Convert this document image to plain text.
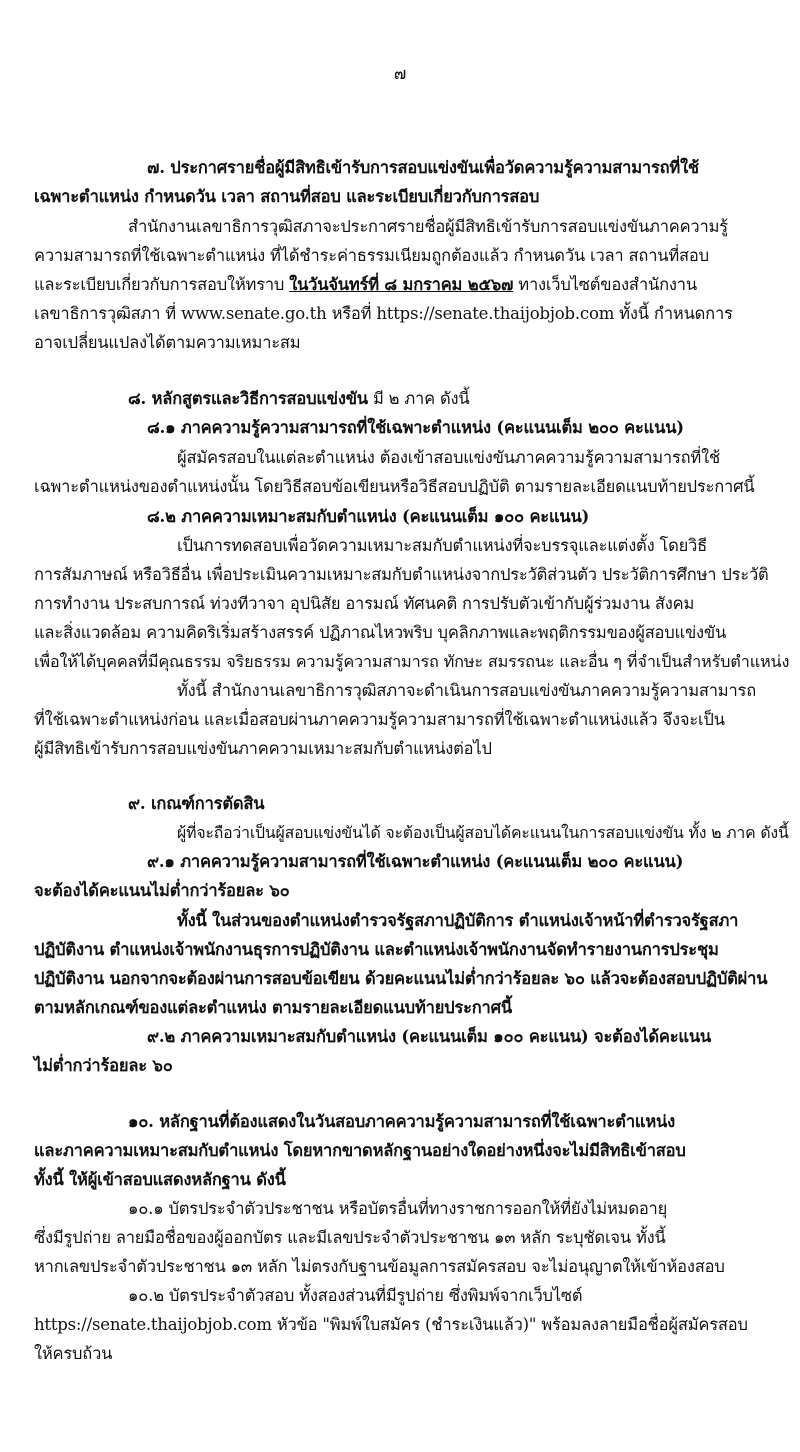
๗
๗. ประกาศรายชื่อผู้มีสิทธิเข้ารับการสอบแข่งขันเพื่อวัดความรู้ความสามารถที่ใช้
เฉพาะตำแหน่ง กำหนดวัน เวลา สถานที่สอบ และระเบียบเกี่ยวกับการสอบ
สำนักงานเลขาธิการวุฒิสภาจะประกาศรายชื่อผู้มีสิทธิเข้ารับการสอบแข่งขันภาคความรู้
ความสามารถที่ใช้เฉพาะตำแหน่ง ที่ได้ชำระค่าธรรมเนียมถูกต้องแล้ว กำหนดวัน เวลา สถานที่สอบ
และระเบียบเกี่ยวกับการสอบให้ทราบ ในวันจันทร์ที่ ๘ มกราคม ๒๕๖๗ ทางเว็บไซต์ของสำนักงาน
เลขาธิการวุฒิสภา ที่ www.senate.go.th หรือที่ https://senate.thaijobjob.com ทั้งนี้ กำหนดการ
อาจเปลี่ยนแปลงได้ตามความเหมาะสม
๘. หลักสูตรและวิธีการสอบแข่งขัน มี ๒ ภาค ดังนี้
๘.๑ ภาคความรู้ความสามารถที่ใช้เฉพาะตำแหน่ง (คะแนนเต็ม ๒๐๐ คะแนน)
ผู้สมัครสอบในแต่ละตำแหน่ง ต้องเข้าสอบแข่งขันภาคความรู้ความสามารถที่ใช้
เฉพาะตำแหน่งของตำแหน่งนั้น โดยวิธีสอบข้อเขียนหรือวิธีสอบปฏิบัติ ตามรายละเอียดแนบท้ายประกาศนี้
๘.๒ ภาคความเหมาะสมกับตำแหน่ง (คะแนนเต็ม ๑๐๐ คะแนน)
เป็นการทดสอบเพื่อวัดความเหมาะสมกับตำแหน่งที่จะบรรจุและแต่งตั้ง โดยวิธี
การสัมภาษณ์ หรือวิธีอื่น เพื่อประเมินความเหมาะสมกับตำแหน่งจากประวัติส่วนตัว ประวัติการศึกษา ประวัติ
การทำงาน ประสบการณ์ ท่วงทีวาจา อุปนิสัย อารมณ์ ทัศนคติ การปรับตัวเข้ากับผู้ร่วมงาน สังคม
และสิ่งแวดล้อม ความคิดริเริ่มสร้างสรรค์ ปฏิภาณไหวพริบ บุคลิกภาพและพฤติกรรมของผู้สอบแข่งขัน
เพื่อให้ได้บุคคลที่มีคุณธรรม จริยธรรม ความรู้ความสามารถ ทักษะ สมรรถนะ และอื่น ๆ ที่จำเป็นสำหรับตำแหน่ง
ทั้งนี้ สำนักงานเลขาธิการวุฒิสภาจะดำเนินการสอบแข่งขันภาคความรู้ความสามารถ
ที่ใช้เฉพาะตำแหน่งก่อน และเมื่อสอบผ่านภาคความรู้ความสามารถที่ใช้เฉพาะตำแหน่งแล้ว จึงจะเป็น
ผู้มีสิทธิเข้ารับการสอบแข่งขันภาคความเหมาะสมกับตำแหน่งต่อไป
๙. เกณฑ์การตัดสิน
ผู้ที่จะถือว่าเป็นผู้สอบแข่งขันได้ จะต้องเป็นผู้สอบได้คะแนนในการสอบแข่งขัน ทั้ง ๒ ภาค ดังนี้
๙.๑ ภาคความรู้ความสามารถที่ใช้เฉพาะตำแหน่ง (คะแนนเต็ม ๒๐๐ คะแนน)
จะต้องได้คะแนนไม่ต่ำกว่าร้อยละ ๖๐
ทั้งนี้ ในส่วนของตำแหน่งตำรวจรัฐสภาปฏิบัติการ ตำแหน่งเจ้าหน้าที่ตำรวจรัฐสภา
ปฏิบัติงาน ตำแหน่งเจ้าพนักงานธุรการปฏิบัติงาน และตำแหน่งเจ้าพนักงานจัดทำรายงานการประชุม
ปฏิบัติงาน นอกจากจะต้องผ่านการสอบข้อเขียน ด้วยคะแนนไม่ต่ำกว่าร้อยละ ๖๐ แล้วจะต้องสอบปฏิบัติผ่าน
ตามหลักเกณฑ์ของแต่ละตำแหน่ง ตามรายละเอียดแนบท้ายประกาศนี้
๙.๒ ภาคความเหมาะสมกับตำแหน่ง (คะแนนเต็ม ๑๐๐ คะแนน) จะต้องได้คะแนน
ไม่ต่ำกว่าร้อยละ ๖๐
๑๐. หลักฐานที่ต้องแสดงในวันสอบภาคความรู้ความสามารถที่ใช้เฉพาะตำแหน่ง
และภาคความเหมาะสมกับตำแหน่ง โดยหากขาดหลักฐานอย่างใดอย่างหนึ่งจะไม่มีสิทธิเข้าสอบ
ทั้งนี้ ให้ผู้เข้าสอบแสดงหลักฐาน ดังนี้
๑๐.๑ บัตรประจำตัวประชาชน หรือบัตรอื่นที่ทางราชการออกให้ที่ยังไม่หมดอายุ
ซึ่งมีรูปถ่าย ลายมือชื่อของผู้ออกบัตร และมีเลขประจำตัวประชาชน ๑๓ หลัก ระบุชัดเจน ทั้งนี้
หากเลขประจำตัวประชาชน ๑๓ หลัก ไม่ตรงกับฐานข้อมูลการสมัครสอบ จะไม่อนุญาตให้เข้าห้องสอบ
๑๐.๒ บัตรประจำตัวสอบ ทั้งสองส่วนที่มีรูปถ่าย ซึ่งพิมพ์จากเว็บไซต์
https://senate.thaijobjob.com หัวข้อ "พิมพ์ใบสมัคร (ชำระเงินแล้ว)" พร้อมลงลายมือชื่อผู้สมัครสอบ
ให้ครบถ้วน
